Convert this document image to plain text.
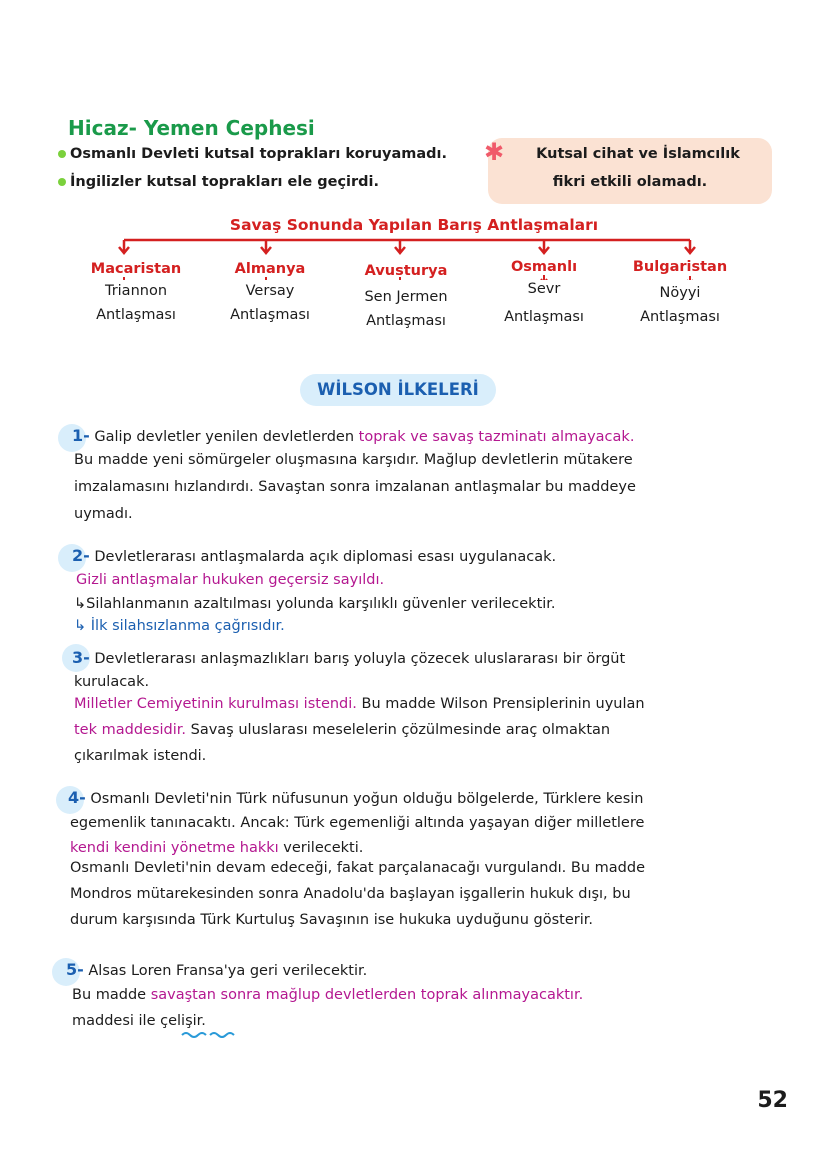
Hicaz- Yemen Cephesi
Osmanlı Devleti kutsal toprakları koruyamadı.
İngilizler kutsal toprakları ele geçirdi.
Kutsal cihat ve İslamcılık
fikri etkili olamadı.
✱
Savaş Sonunda Yapılan Barış Antlaşmaları
Macaristan
Triannon
Antlaşması
Almanya
Versay
Antlaşması
Avusturya
Sen Jermen
Antlaşması
Osmanlı
Sevr
Antlaşması
Bulgaristan
Nöyyi
Antlaşması
WİLSON İLKELERİ
1- Galip devletler yenilen devletlerden toprak ve savaş tazminatı almayacak.
Bu madde yeni sömürgeler oluşmasına karşıdır. Mağlup devletlerin mütakere
imzalamasını hızlandırdı. Savaştan sonra imzalanan antlaşmalar bu maddeye
uymadı.
2- Devletlerarası antlaşmalarda açık diplomasi esası uygulanacak.
Gizli antlaşmalar hukuken geçersiz sayıldı.
↳Silahlanmanın azaltılması yolunda karşılıklı güvenler verilecektir.
↳ İlk silahsızlanma çağrısıdır.
3- Devletlerarası anlaşmazlıkları barış yoluyla çözecek uluslararası bir örgüt
kurulacak.
Milletler Cemiyetinin kurulması istendi. Bu madde Wilson Prensiplerinin uyulan
tek maddesidir. Savaş uluslarası meselelerin çözülmesinde araç olmaktan
çıkarılmak istendi.
4- Osmanlı Devleti'nin Türk nüfusunun yoğun olduğu bölgelerde, Türklere kesin
egemenlik tanınacaktı. Ancak: Türk egemenliği altında yaşayan diğer milletlere
kendi kendini yönetme hakkı verilecekti.
Osmanlı Devleti'nin devam edeceği, fakat parçalanacağı vurgulandı. Bu madde
Mondros mütarekesinden sonra Anadolu'da başlayan işgallerin hukuk dışı, bu
durum karşısında Türk Kurtuluş Savaşının ise hukuka uyduğunu gösterir.
5- Alsas Loren Fransa'ya geri verilecektir.
Bu madde savaştan sonra mağlup devletlerden toprak alınmayacaktır.
maddesi ile çelişir.
52
